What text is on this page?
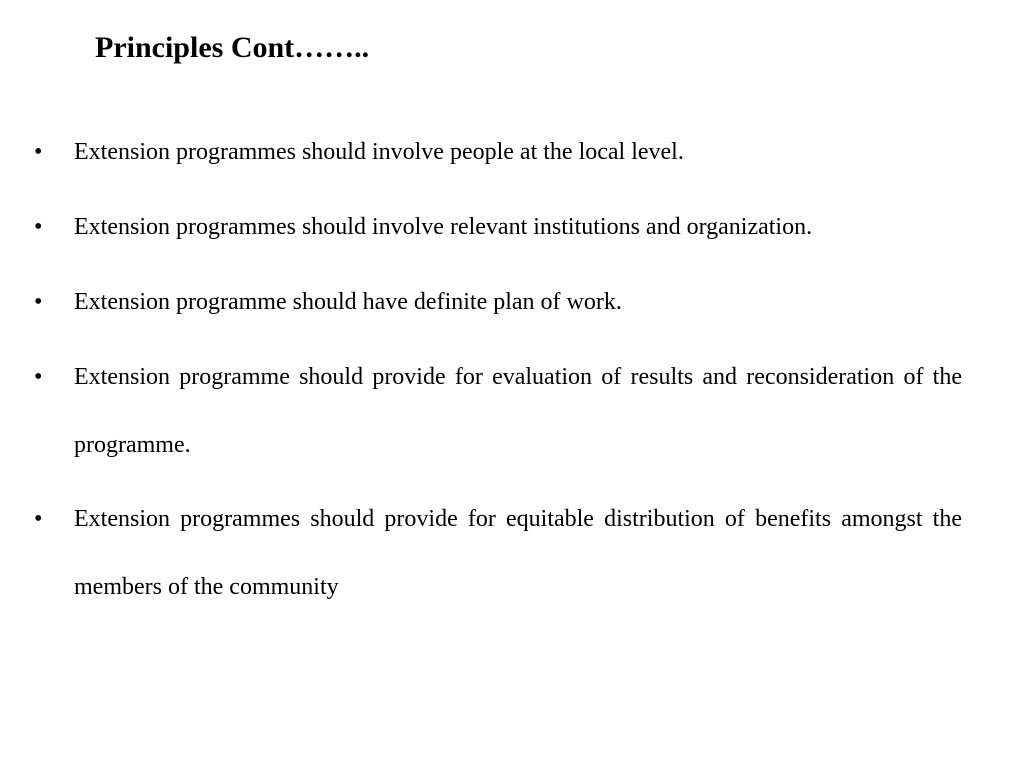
Principles Cont……..
• Extension programmes should involve people at the local level.
• Extension programmes should involve relevant institutions and organization.
• Extension programme should have definite plan of work.
• Extension programme should provide for evaluation of results and reconsideration of the programme.
• Extension programmes should provide for equitable distribution of benefits amongst the members of the community
